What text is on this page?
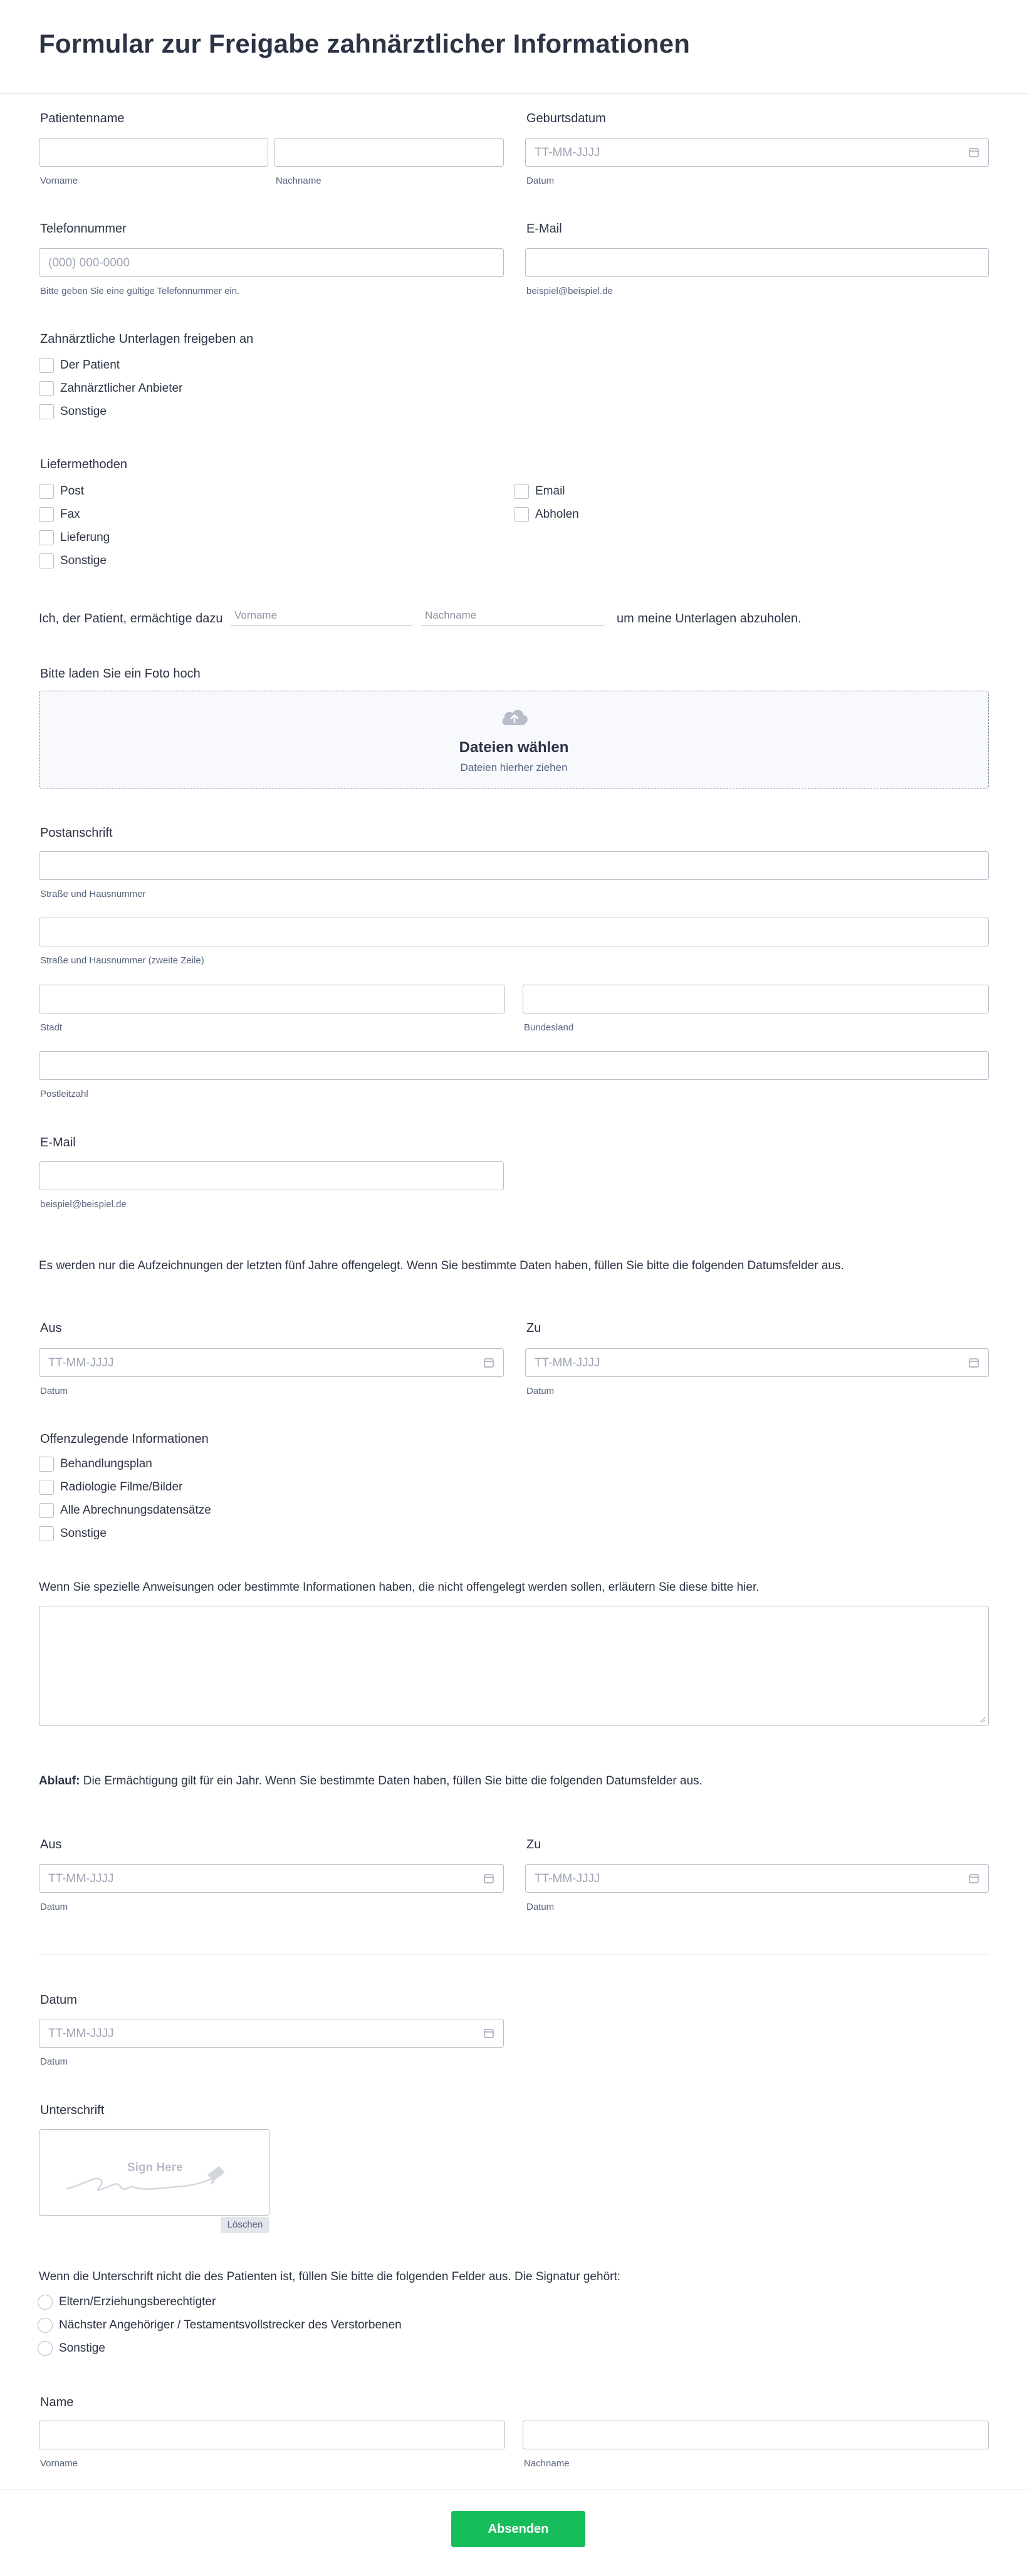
Formular zur Freigabe zahnärztlicher Informationen
Patientenname
Vorname	Nachname
Geburtsdatum
TT-MM-JJJJ
Datum
Telefonnummer
(000) 000-0000
Bitte geben Sie eine gültige Telefonnummer ein.
E-Mail
beispiel@beispiel.de
Zahnärztliche Unterlagen freigeben an
Der Patient
Zahnärztlicher Anbieter
Sonstige
Liefermethoden
Post
Fax
Lieferung
Sonstige
Email
Abholen
Ich, der Patient, ermächtige dazu Vorname	Nachname	um meine Unterlagen abzuholen.
Bitte laden Sie ein Foto hoch
Dateien wählen
Dateien hierher ziehen
Postanschrift
Straße und Hausnummer
Straße und Hausnummer (zweite Zeile)
Stadt	Bundesland
Postleitzahl
E-Mail
beispiel@beispiel.de
Es werden nur die Aufzeichnungen der letzten fünf Jahre offengelegt. Wenn Sie bestimmte Daten haben, füllen Sie bitte die folgenden Datumsfelder aus.
Aus
TT-MM-JJJJ
Datum
Zu
TT-MM-JJJJ
Datum
Offenzulegende Informationen
Behandlungsplan
Radiologie Filme/Bilder
Alle Abrechnungsdatensätze
Sonstige
Wenn Sie spezielle Anweisungen oder bestimmte Informationen haben, die nicht offengelegt werden sollen, erläutern Sie diese bitte hier.
Ablauf: Die Ermächtigung gilt für ein Jahr. Wenn Sie bestimmte Daten haben, füllen Sie bitte die folgenden Datumsfelder aus.
Aus
TT-MM-JJJJ
Datum
Zu
TT-MM-JJJJ
Datum
Datum
TT-MM-JJJJ
Datum
Unterschrift
Sign Here
Löschen
Wenn die Unterschrift nicht die des Patienten ist, füllen Sie bitte die folgenden Felder aus. Die Signatur gehört:
Eltern/Erziehungsberechtigter
Nächster Angehöriger / Testamentsvollstrecker des Verstorbenen
Sonstige
Name
Vorname	Nachname
Absenden
